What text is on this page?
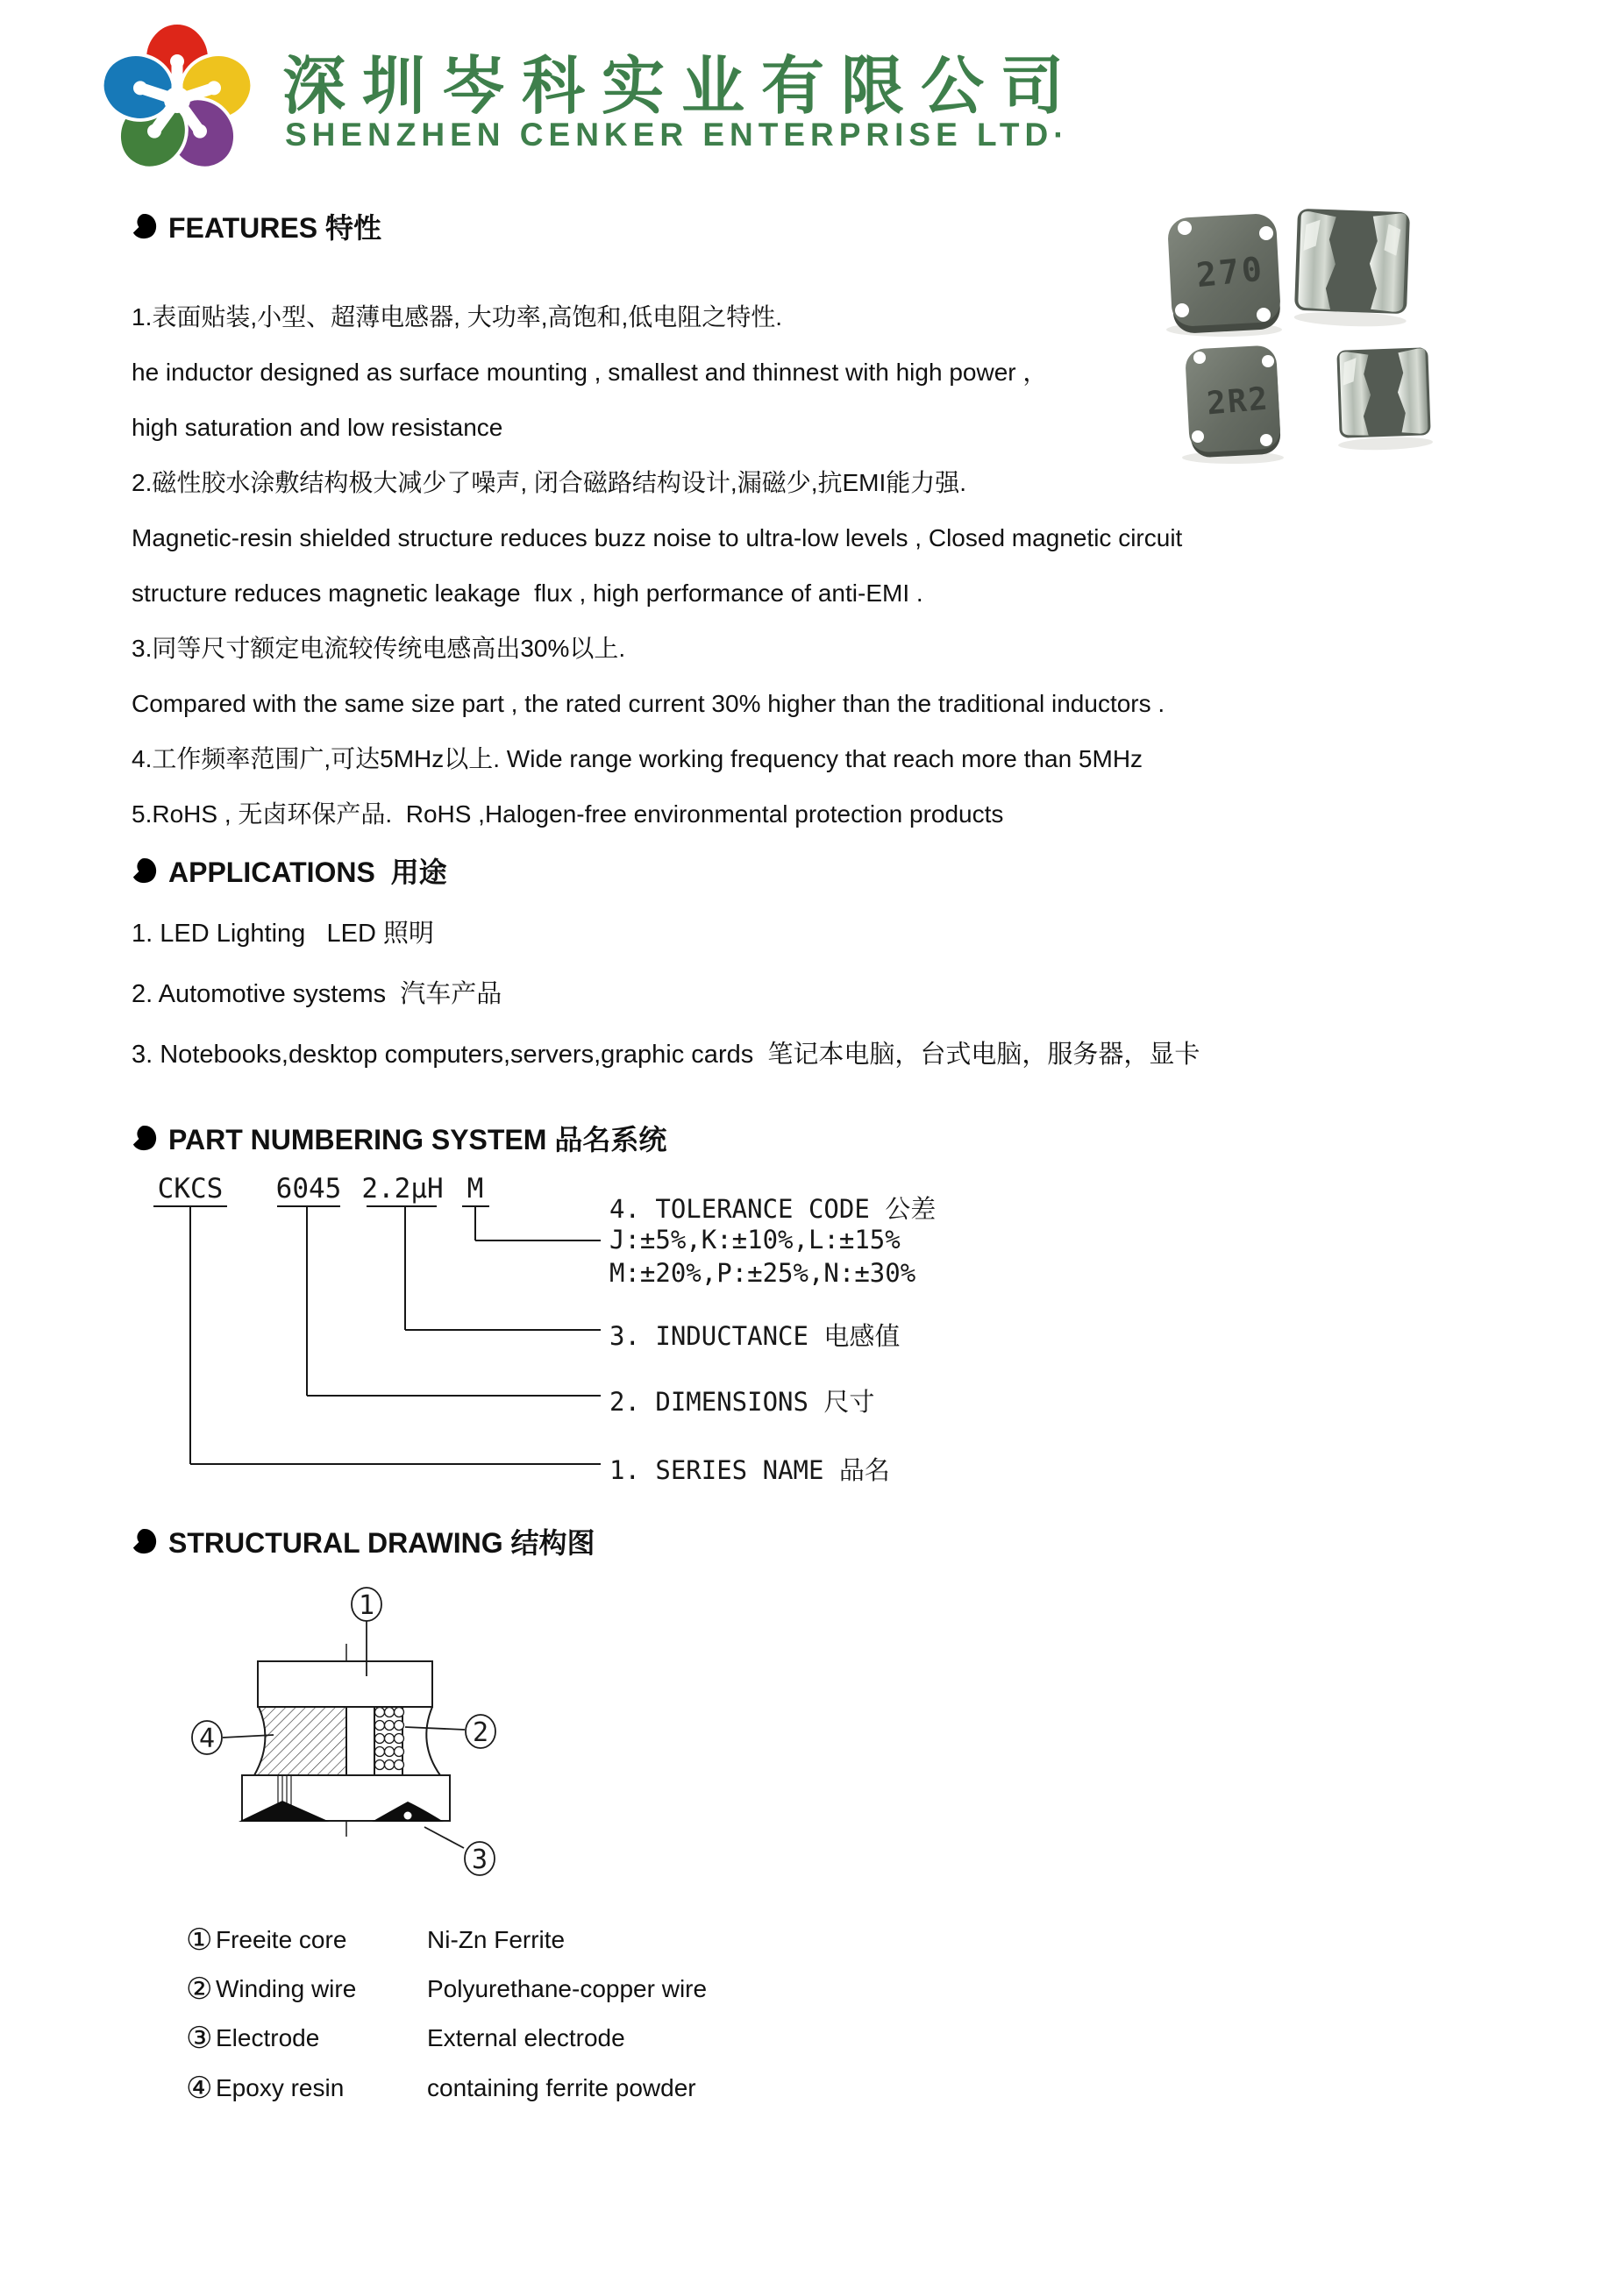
深圳岑科实业有限公司
SHENZHEN CENKER ENTERPRISE LTD·
FEATURES 特性
1.表面贴装,小型、超薄电感器, 大功率,高饱和,低电阻之特性.
he inductor designed as surface mounting , smallest and thinnest with high power ，
high saturation and low resistance
2.磁性胶水涂敷结构极大减少了噪声, 闭合磁路结构设计,漏磁少,抗EMI能力强.
Magnetic-resin shielded structure reduces buzz noise to ultra-low levels , Closed magnetic circuit
structure reduces magnetic leakage  flux , high performance of anti-EMI .
3.同等尺寸额定电流较传统电感高出30%以上.
Compared with the same size part , the rated current 30% higher than the traditional inductors .
4.工作频率范围广,可达5MHz以上. Wide range working frequency that reach more than 5MHz
5.RoHS , 无卤环保产品.  RoHS ,Halogen-free environmental protection products
270
2R2
APPLICATIONS  用途
1. LED Lighting   LED 照明
2. Automotive systems  汽车产品
3. Notebooks,desktop computers,servers,graphic cards  笔记本电脑，台式电脑，服务器，显卡
PART NUMBERING SYSTEM 品名系统
CKCS 6045 2.2µH M
4. TOLERANCE CODE 公差
J:±5%,K:±10%,L:±15%
M:±20%,P:±25%,N:±30%
3. INDUCTANCE 电感值
2. DIMENSIONS 尺寸
1. SERIES NAME 品名
STRUCTURAL DRAWING 结构图
1
4	2
3
① Freeite core	Ni-Zn Ferrite
② Winding wire	Polyurethane-copper wire
③ Electrode	External electrode
④ Epoxy resin	containing ferrite powder
